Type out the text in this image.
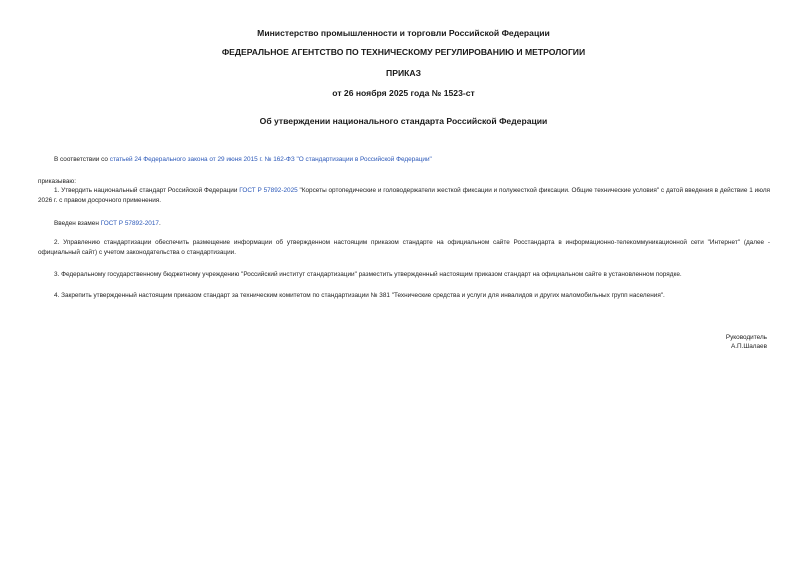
Министерство промышленности и торговли Российской Федерации
ФЕДЕРАЛЬНОЕ АГЕНТСТВО ПО ТЕХНИЧЕСКОМУ РЕГУЛИРОВАНИЮ И МЕТРОЛОГИИ
ПРИКАЗ
от 26 ноября 2025 года № 1523-ст
Об утверждении национального стандарта Российской Федерации
В соответствии со статьей 24 Федерального закона от 29 июня 2015 г. № 162-ФЗ "О стандартизации в Российской Федерации"
приказываю:
1. Утвердить национальный стандарт Российской Федерации ГОСТ Р 57892-2025 "Корсеты ортопедические и головодержатели жесткой фиксации и полужесткой фиксации. Общие технические условия" с датой введения в действие 1 июля 2026 г. с правом досрочного применения.
Введен взамен ГОСТ Р 57892-2017.
2. Управлению стандартизации обеспечить размещение информации об утвержденном настоящим приказом стандарте на официальном сайте Росстандарта в информационно-телекоммуникационной сети "Интернет" (далее - официальный сайт) с учетом законодательства о стандартизации.
3. Федеральному государственному бюджетному учреждению "Российский институт стандартизации" разместить утвержденный настоящим приказом стандарт на официальном сайте в установленном порядке.
4. Закрепить утвержденный настоящим приказом стандарт за техническим комитетом по стандартизации № 381 "Технические средства и услуги для инвалидов и других маломобильных групп населения".
Руководитель
А.П.Шалаев
